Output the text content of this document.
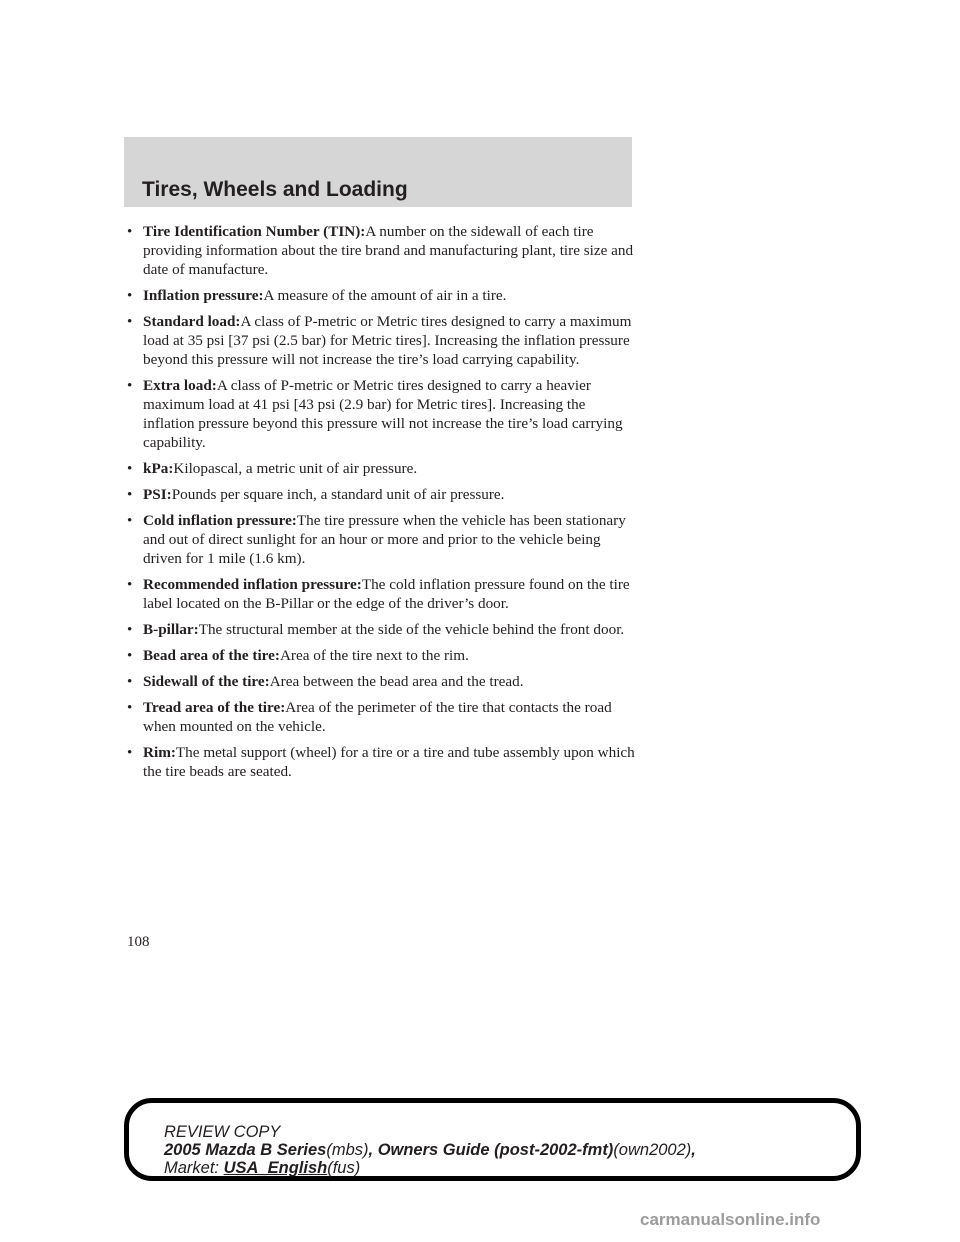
Tires, Wheels and Loading
• Tire Identification Number (TIN):A number on the sidewall of each tire providing information about the tire brand and manufacturing plant, tire size and date of manufacture.
• Inflation pressure:A measure of the amount of air in a tire.
• Standard load:A class of P-metric or Metric tires designed to carry a maximum load at 35 psi [37 psi (2.5 bar) for Metric tires]. Increasing the inflation pressure beyond this pressure will not increase the tire’s load carrying capability.
• Extra load:A class of P-metric or Metric tires designed to carry a heavier maximum load at 41 psi [43 psi (2.9 bar) for Metric tires]. Increasing the inflation pressure beyond this pressure will not increase the tire’s load carrying capability.
• kPa:Kilopascal, a metric unit of air pressure.
• PSI:Pounds per square inch, a standard unit of air pressure.
• Cold inflation pressure:The tire pressure when the vehicle has been stationary and out of direct sunlight for an hour or more and prior to the vehicle being driven for 1 mile (1.6 km).
• Recommended inflation pressure:The cold inflation pressure found on the tire label located on the B-Pillar or the edge of the driver’s door.
• B-pillar:The structural member at the side of the vehicle behind the front door.
• Bead area of the tire:Area of the tire next to the rim.
• Sidewall of the tire:Area between the bead area and the tread.
• Tread area of the tire:Area of the perimeter of the tire that contacts the road when mounted on the vehicle.
• Rim:The metal support (wheel) for a tire or a tire and tube assembly upon which the tire beads are seated.
108
REVIEW COPY
2005 Mazda B Series(mbs), Owners Guide (post-2002-fmt)(own2002),
Market: USA_English(fus)
carmanualsonline.info
